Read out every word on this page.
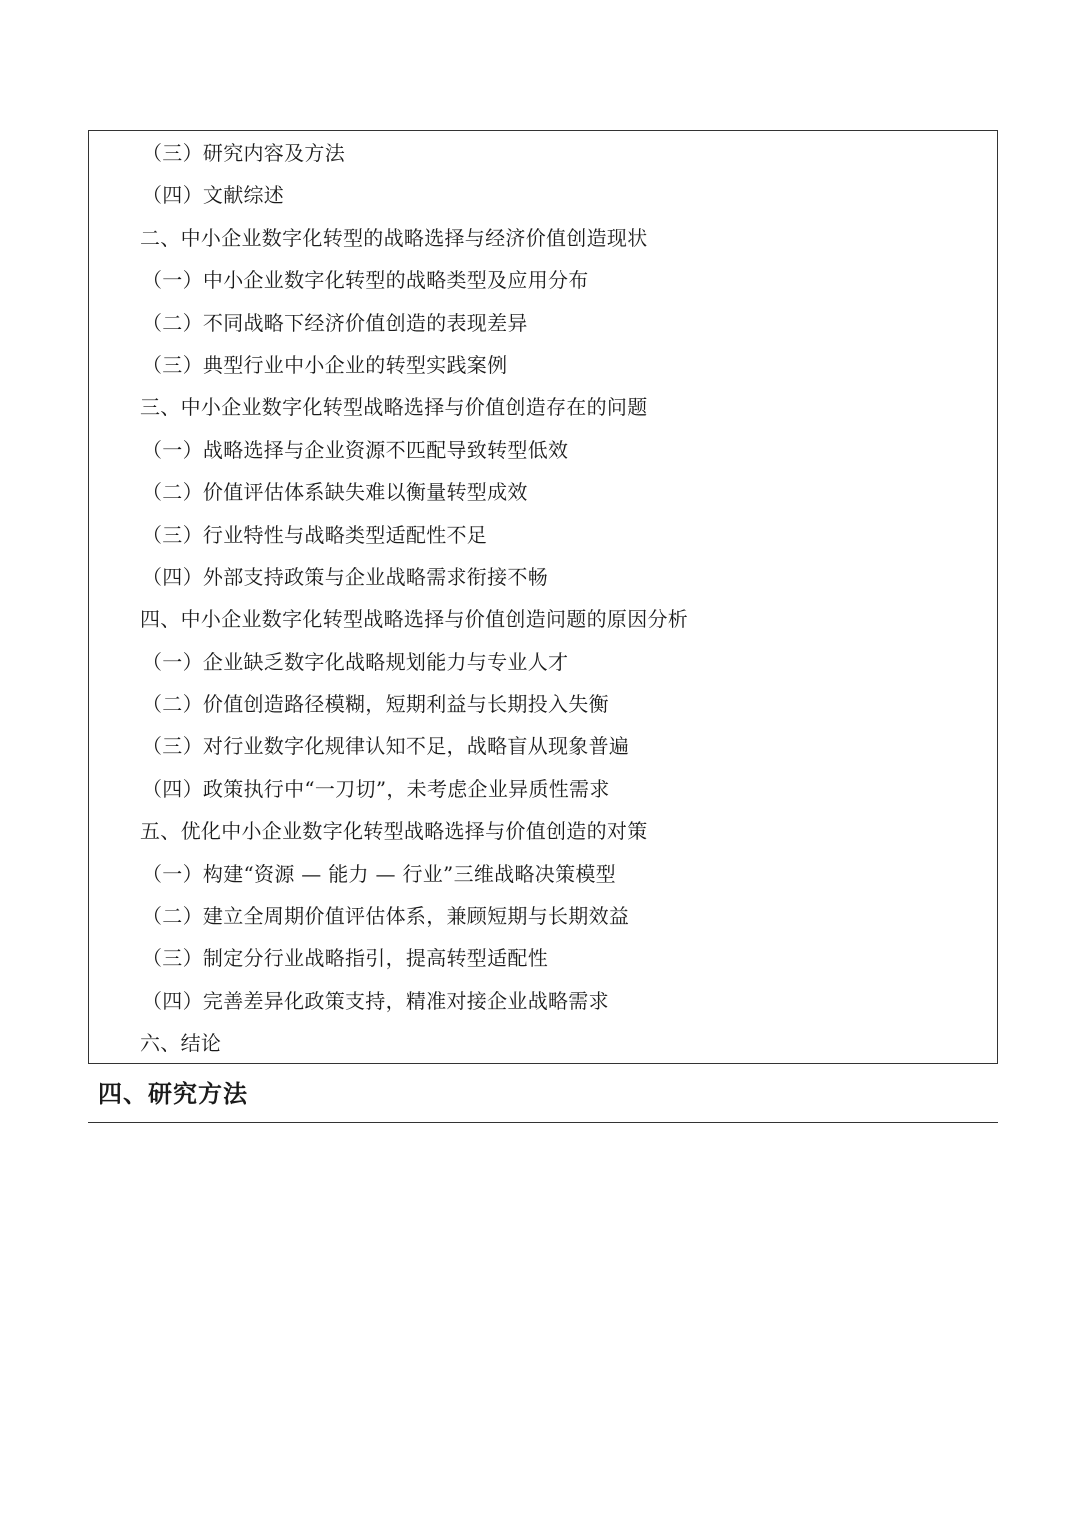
（三）研究内容及方法
（四）文献综述
二、中小企业数字化转型的战略选择与经济价值创造现状
（一）中小企业数字化转型的战略类型及应用分布
（二）不同战略下经济价值创造的表现差异
（三）典型行业中小企业的转型实践案例
三、中小企业数字化转型战略选择与价值创造存在的问题
（一）战略选择与企业资源不匹配导致转型低效
（二）价值评估体系缺失难以衡量转型成效
（三）行业特性与战略类型适配性不足
（四）外部支持政策与企业战略需求衔接不畅
四、中小企业数字化转型战略选择与价值创造问题的原因分析
（一）企业缺乏数字化战略规划能力与专业人才
（二）价值创造路径模糊，短期利益与长期投入失衡
（三）对行业数字化规律认知不足，战略盲从现象普遍
（四）政策执行中“一刀切”，未考虑企业异质性需求
五、优化中小企业数字化转型战略选择与价值创造的对策
（一）构建“资源 — 能力 — 行业”三维战略决策模型
（二）建立全周期价值评估体系，兼顾短期与长期效益
（三）制定分行业战略指引，提高转型适配性
（四）完善差异化政策支持，精准对接企业战略需求
六、结论
四、研究方法
